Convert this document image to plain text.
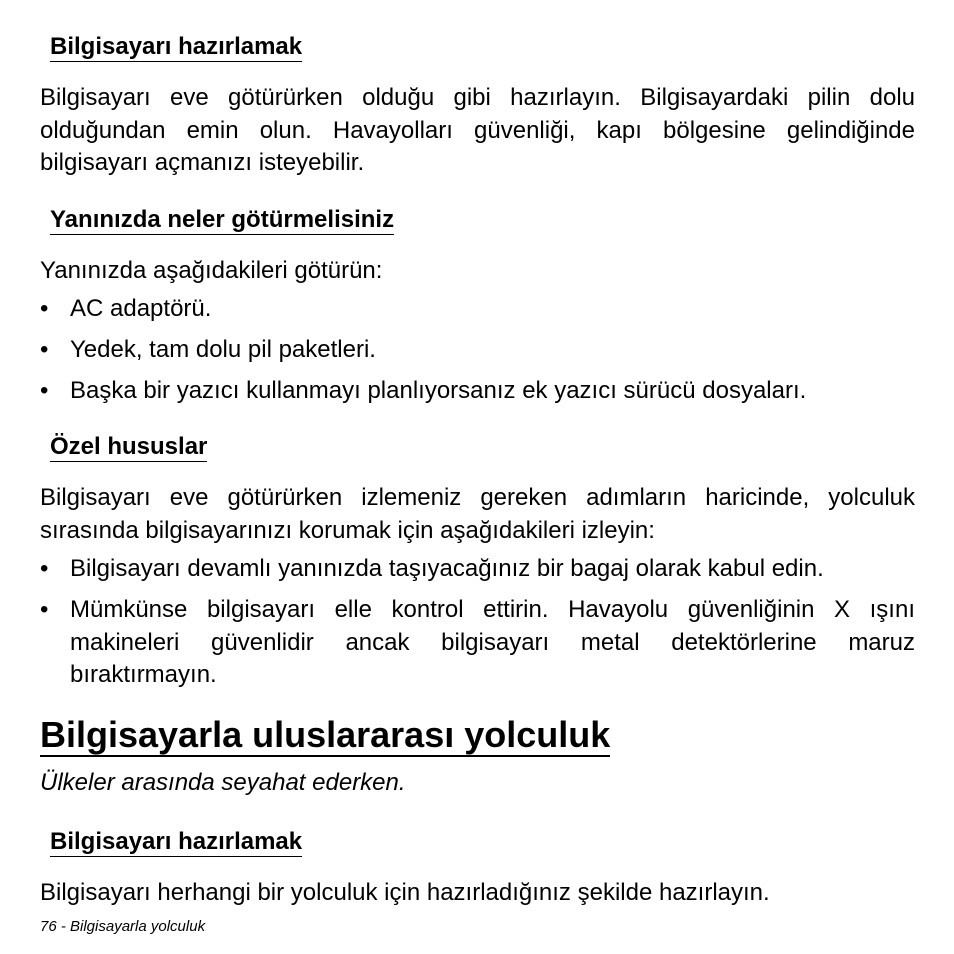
Bilgisayarı hazırlamak

Bilgisayarı eve götürürken olduğu gibi hazırlayın. Bilgisayardaki pilin dolu olduğundan emin olun. Havayolları güvenliği, kapı bölgesine gelindiğinde bilgisayarı açmanızı isteyebilir.

Yanınızda neler götürmelisiniz

Yanınızda aşağıdakileri götürün:

• AC adaptörü.
• Yedek, tam dolu pil paketleri.
• Başka bir yazıcı kullanmayı planlıyorsanız ek yazıcı sürücü dosyaları.
Özel hususlar

Bilgisayarı eve götürürken izlemeniz gereken adımların haricinde, yolculuk sırasında bilgisayarınızı korumak için aşağıdakileri izleyin:

• Bilgisayarı devamlı yanınızda taşıyacağınız bir bagaj olarak kabul edin.
• Mümkünse bilgisayarı elle kontrol ettirin. Havayolu güvenliğinin X ışını makineleri güvenlidir ancak bilgisayarı metal detektörlerine maruz bıraktırmayın.
Bilgisayarla uluslararası yolculuk

Ülkeler arasında seyahat ederken.

Bilgisayarı hazırlamak

Bilgisayarı herhangi bir yolculuk için hazırladığınız şekilde hazırlayın.

76 - Bilgisayarla yolculuk
